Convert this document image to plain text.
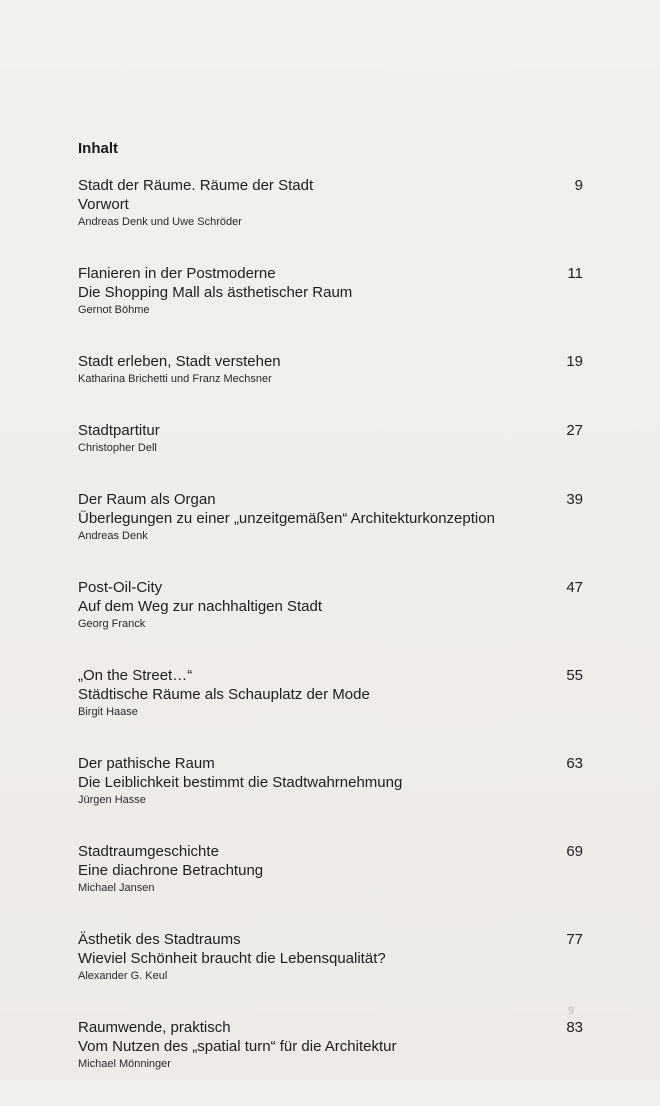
Inhalt
Stadt der Räume. Räume der Stadt
Vorwort
Andreas Denk und Uwe Schröder
9
Flanieren in der Postmoderne
Die Shopping Mall als ästhetischer Raum
Gernot Böhme
11
Stadt erleben, Stadt verstehen
Katharina Brichetti und Franz Mechsner
19
Stadtpartitur
Christopher Dell
27
Der Raum als Organ
Überlegungen zu einer „unzeitgemäßen“ Architekturkonzeption
Andreas Denk
39
Post-Oil-City
Auf dem Weg zur nachhaltigen Stadt
Georg Franck
47
„On the Street…“
Städtische Räume als Schauplatz der Mode
Birgit Haase
55
Der pathische Raum
Die Leiblichkeit bestimmt die Stadtwahrnehmung
Jürgen Hasse
63
Stadtraumgeschichte
Eine diachrone Betrachtung
Michael Jansen
69
Ästhetik des Stadtraums
Wieviel Schönheit braucht die Lebensqualität?
Alexander G. Keul
77
Raumwende, praktisch
Vom Nutzen des „spatial turn“ für die Architektur
Michael Mönninger
83
9
